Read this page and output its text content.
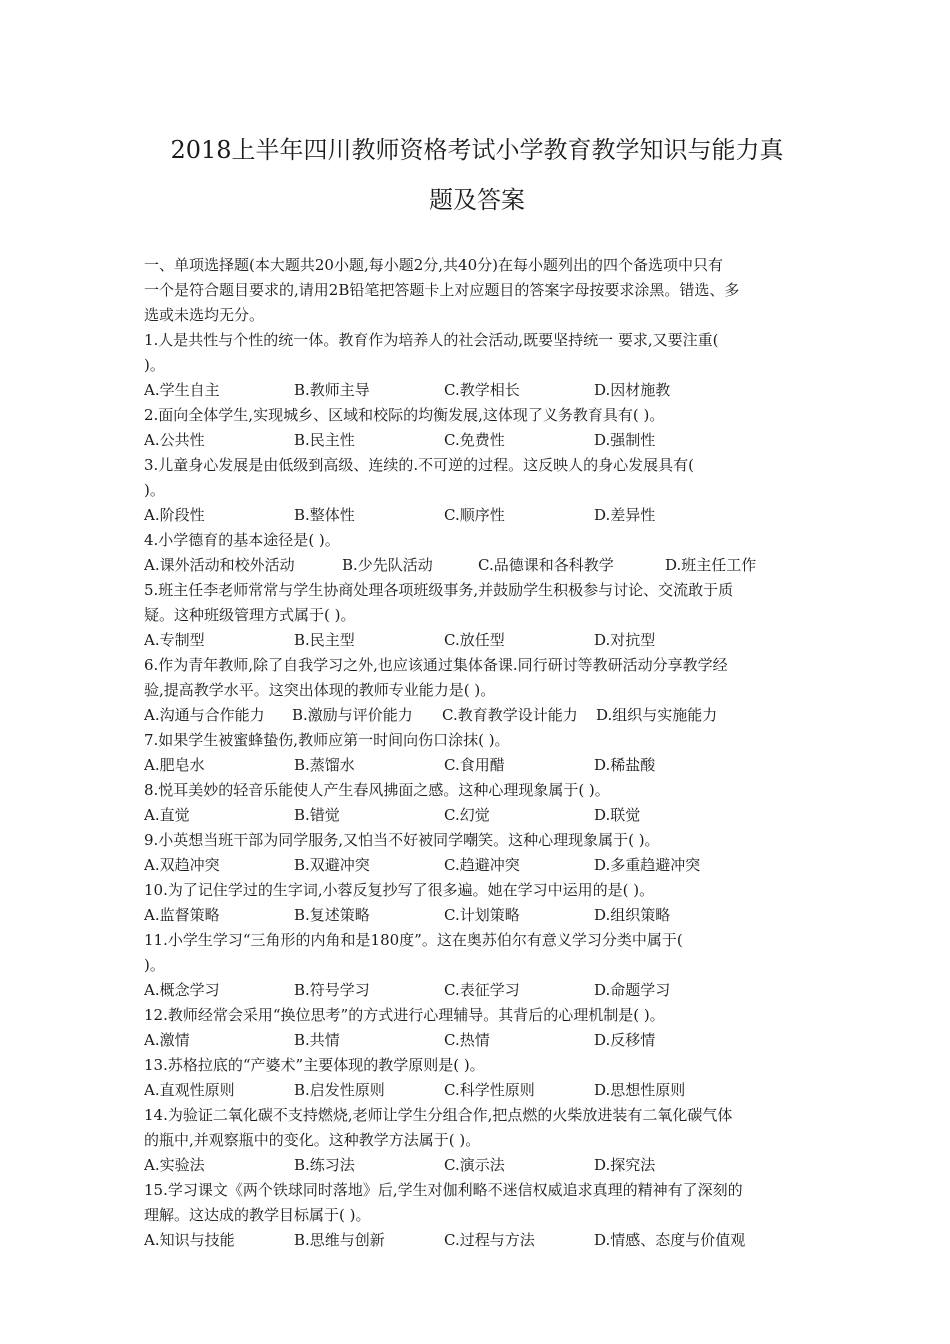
2018上半年四川教师资格考试小学教育教学知识与能力真
题及答案
一、单项选择题(本大题共20小题,每小题2分,共40分)在每小题列出的四个备选项中只有
一个是符合题目要求的,请用2B铅笔把答题卡上对应题目的答案字母按要求涂黑。错选、多
选或未选均无分。
1.人是共性与个性的统一体。教育作为培养人的社会活动,既要坚持统一 要求,又要注重(
)。
A.学生自主	B.教师主导	C.教学相长	D.因材施教
2.面向全体学生,实现城乡、区域和校际的均衡发展,这体现了义务教育具有( )。
A.公共性	B.民主性	C.免费性	D.强制性
3.儿童身心发展是由低级到高级、连续的.不可逆的过程。这反映人的身心发展具有(
)。
A.阶段性	B.整体性	C.顺序性	D.差异性
4.小学德育的基本途径是( )。
A.课外活动和校外活动	B.少先队活动	C.品德课和各科教学	D.班主任工作
5.班主任李老师常常与学生协商处理各项班级事务,并鼓励学生积极参与讨论、交流敢于质
疑。这种班级管理方式属于( )。
A.专制型	B.民主型	C.放任型	D.对抗型
6.作为青年教师,除了自我学习之外,也应该通过集体备课.同行研讨等教研活动分享教学经
验,提高教学水平。这突出体现的教师专业能力是( )。
A.沟通与合作能力 B.激励与评价能力 C.教育教学设计能力 D.组织与实施能力
7.如果学生被蜜蜂蛰伤,教师应第一时间向伤口涂抹( )。
A.肥皂水	B.蒸馏水	C.食用醋	D.稀盐酸
8.悦耳美妙的轻音乐能使人产生春风拂面之感。这种心理现象属于( )。
A.直觉	B.错觉	C.幻觉	D.联觉
9.小英想当班干部为同学服务,又怕当不好被同学嘲笑。这种心理现象属于( )。
A.双趋冲突	B.双避冲突	C.趋避冲突	D.多重趋避冲突
10.为了记住学过的生字词,小蓉反复抄写了很多遍。她在学习中运用的是( )。
A.监督策略	B.复述策略	C.计划策略	D.组织策略
11.小学生学习“三角形的内角和是180度”。这在奥苏伯尔有意义学习分类中属于(
)。
A.概念学习	B.符号学习	C.表征学习	D.命题学习
12.教师经常会采用“换位思考”的方式进行心理辅导。其背后的心理机制是( )。
A.激情	B.共情	C.热情	D.反移情
13.苏格拉底的“产婆术”主要体现的教学原则是( )。
A.直观性原则	B.启发性原则	C.科学性原则	D.思想性原则
14.为验证二氧化碳不支持燃烧,老师让学生分组合作,把点燃的火柴放进装有二氧化碳气体
的瓶中,并观察瓶中的变化。这种教学方法属于( )。
A.实验法	B.练习法	C.演示法	D.探究法
15.学习课文《两个铁球同时落地》后,学生对伽利略不迷信权威追求真理的精神有了深刻的
理解。这达成的教学目标属于( )。
A.知识与技能	B.思维与创新	C.过程与方法	D.情感、态度与价值观
